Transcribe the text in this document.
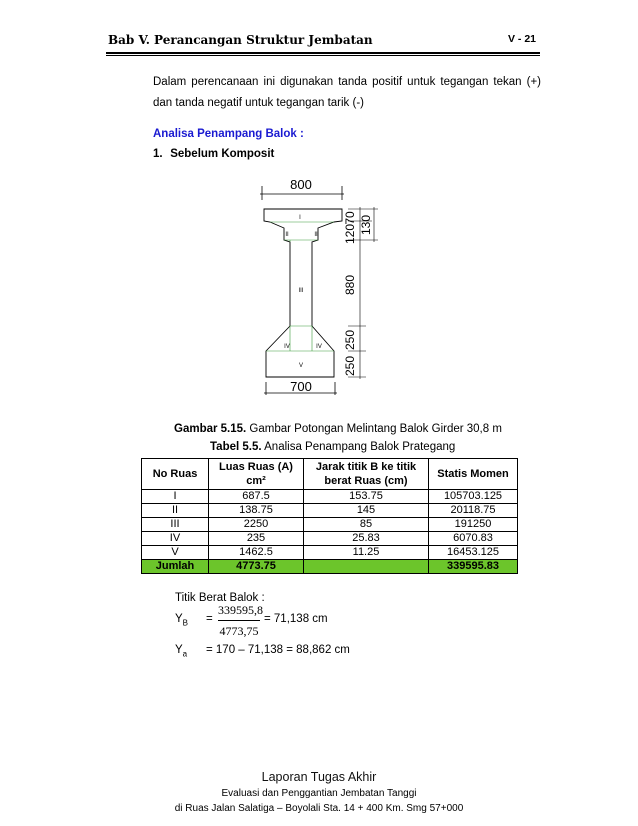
Bab V. Perancangan Struktur Jembatan	V - 21
Dalam perencanaan ini digunakan tanda positif untuk tegangan tekan (+) dan tanda negatif untuk tegangan tarik (-)
Analisa Penampang Balok :
1. Sebelum Komposit
800
700
70 130
120
880
250
250
I
II	II
III
IV	IV
V
Gambar 5.15. Gambar Potongan Melintang Balok Girder 30,8 m
Tabel 5.5. Analisa Penampang Balok Prategang
No Ruas	Luas Ruas (A) cm²	Jarak titik B ke titik berat Ruas (cm)	Statis Momen
I	687.5	153.75	105703.125
II	138.75	145	20118.75
III	2250	85	191250
IV	235	25.83	6070.83
V	1462.5	11.25	16453.125
Jumlah	4773.75		339595.83
Titik Berat Balok :
$Y_B = \frac{339595,8}{4773,75} = 71,138$ cm
$Y_a = 170 - 71,138 = 88,862$ cm
Laporan Tugas Akhir
Evaluasi dan Penggantian Jembatan Tanggi
di Ruas Jalan Salatiga – Boyolali Sta. 14 + 400 Km. Smg 57+000
